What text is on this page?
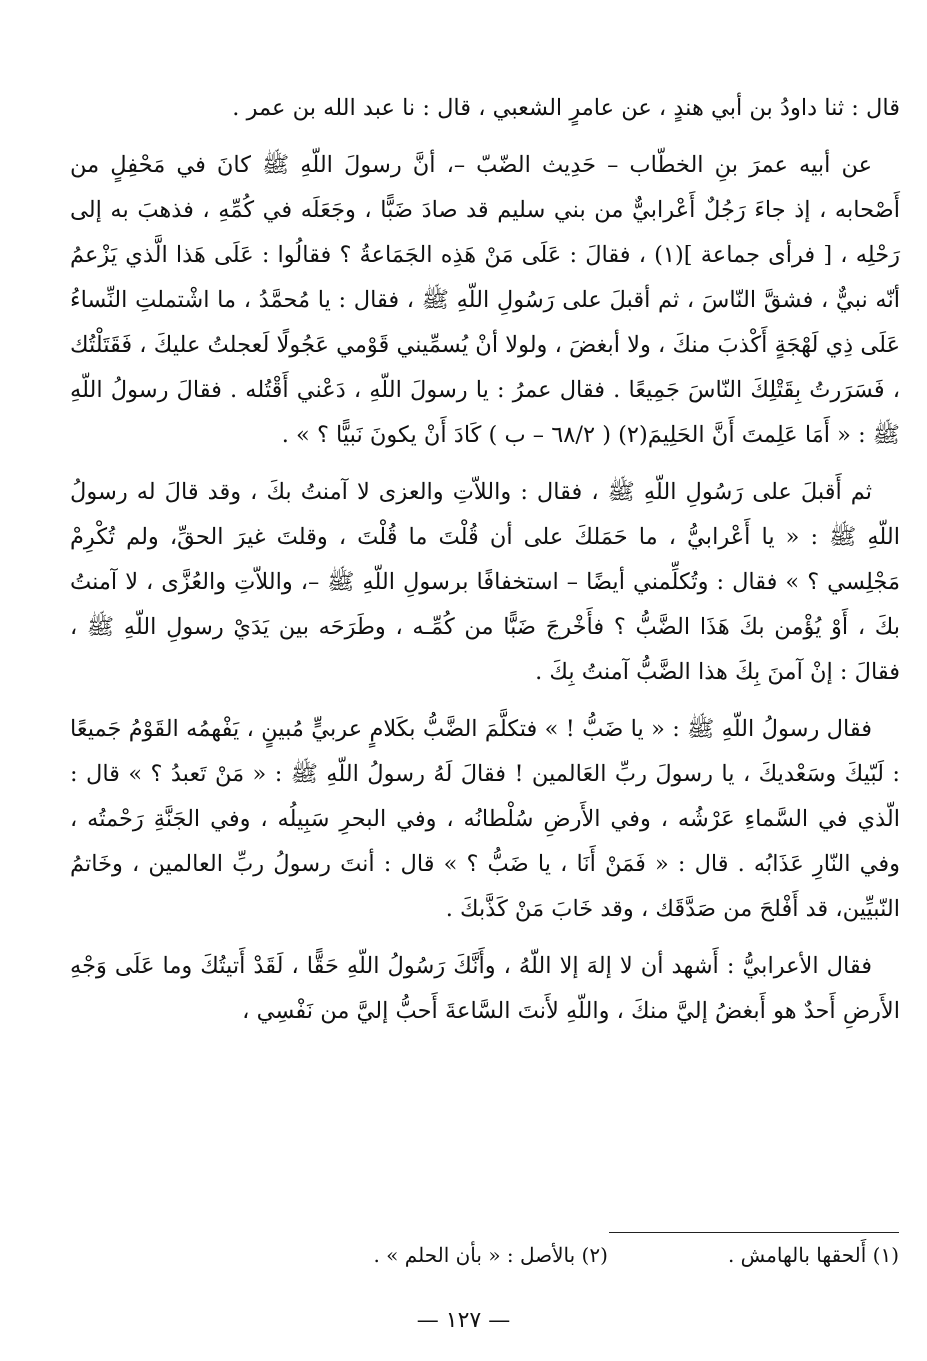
قال : ثنا داودُ بن أبي هندٍ ، عن عامرٍ الشعبي ، قال : نا عبد الله بن عمر .

عن أبيه عمرَ بنِ الخطّاب – حَدِيث الضّبّ –، أنَّ رسولَ اللّهِ ﷺ كانَ في مَحْفِلٍ من أَصْحابه ، إذ جاءَ رَجُلٌ أَعْرابيٌّ من بني سليم قد صادَ ضَبًّا ، وجَعَلَه في كُمِّهِ ، فذهبَ به إلى رَحْلِه ، [ فرأى جماعة ](١) ، فقالَ : عَلَى مَنْ هَذِه الجَمَاعةُ ؟ فقالُوا : عَلَى هَذا الَّذي يَزْعمُ أنّه نبيٌّ ، فشقَّ النّاسَ ، ثم أقبلَ على رَسُولِ اللّهِ ﷺ ، فقال : يا مُحمَّدُ ، ما اشْتملتِ النِّساءُ عَلَى ذِي لَهْجَةٍ أَكْذبَ منكَ ، ولا أبغضَ ، ولولا أنْ يُسمِّيني قَوْمي عَجُولًا لَعجلتُ عليكَ ، فَقَتَلْتُك ، فَسَرَرتُ بِقَتْلِكَ النّاسَ جَمِيعًا . فقال عمرُ : يا رسولَ اللّهِ ، دَعْني أَقْتُله . فقالَ رسولُ اللّهِ ﷺ : « أَمَا عَلِمتَ أَنَّ الحَلِيمَ(٢) ( ٦٨/٢ – ب ) كَادَ أَنْ يكونَ نَبيًّا ؟ » .

ثم أَقبلَ على رَسُولِ اللّهِ ﷺ ، فقال : واللاّتِ والعزى لا آمنتُ بكَ ، وقد قالَ له رسولُ اللّهِ ﷺ : « يا أَعْرابيُّ ، ما حَمَلكَ على أن قُلْتَ ما قُلْتَ ، وقلتَ غيرَ الحقِّ، ولم تُكْرِمْ مَجْلِسي ؟ » فقال : وتُكلِّمني أيضًا – استخفافًا برسولِ اللّهِ ﷺ –، واللاّتِ والعُزَّى ، لا آمنتُ بكَ ، أَوْ يُؤْمن بكَ هَذَا الضَّبُّ ؟ فأَخْرجَ ضَبًّا من كُمِّـه ، وطَرَحَه بين يَدَيْ رسولِ اللّهِ ﷺ ، فقالَ : إنْ آمنَ بِكَ هذا الضَّبُّ آمنتُ بِكَ .

فقال رسولُ اللّهِ ﷺ : « يا ضَبُّ ! » فتكلَّمَ الضَّبُّ بكَلامٍ عربيٍّ مُبينٍ ، يَفْهمُه القَوْمُ جَميعًا : لَبّيكَ وسَعْديكَ ، يا رسولَ ربِّ العَالمين ! فقالَ لَهُ رسولُ اللّهِ ﷺ : « مَنْ تَعبدُ ؟ » قال : الّذي في السَّماءِ عَرْشُه ، وفي الأَرضِ سُلْطانُه ، وفي البحرِ سَبِيلُه ، وفي الجَنَّةِ رَحْمتُه ، وفي النّارِ عَذَابُه . قال : « فَمَنْ أَنَا ، يا ضَبُّ ؟ » قال : أنتَ رسولُ ربِّ العالمين ، وخَاتمُ النّبيِّين، قد أَفْلحَ من صَدَّقَك ، وقد خَابَ مَنْ كَذَّبكَ .

فقال الأعرابيُّ : أَشهد أن لا إلهَ إلا اللّهُ ، وأَنَّكَ رَسُولُ اللّهِ حَقًّا ، لَقَدْ أَتيتُكَ وما عَلَى وَجْهِ الأَرضِ أَحدٌ هو أَبغضُ إليَّ منكَ ، واللّهِ لأَنتَ السَّاعةَ أَحبُّ إليَّ من نَفْسِي ،

(١) أَلحقها بالهامش .
(٢) بالأصل : « بأن الحلم » .
— ١٢٧ —
